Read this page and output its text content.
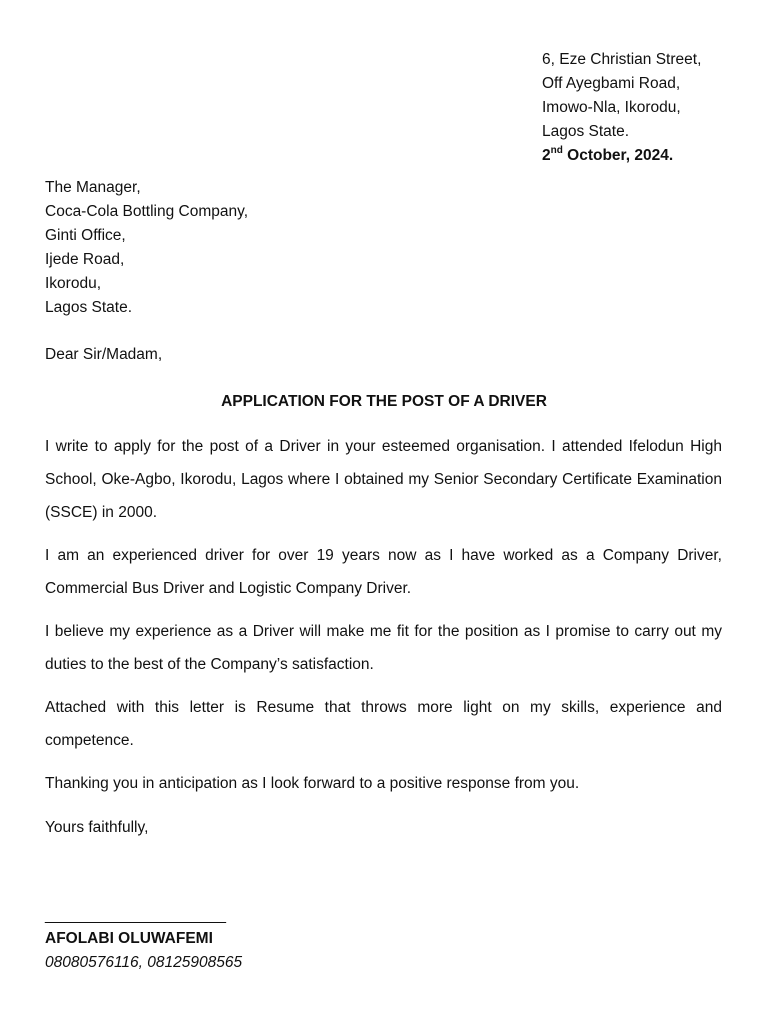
6, Eze Christian Street,
Off Ayegbami Road,
Imowo-Nla, Ikorodu,
Lagos State.
2nd October, 2024.
The Manager,
Coca-Cola Bottling Company,
Ginti Office,
Ijede Road,
Ikorodu,
Lagos State.
Dear Sir/Madam,
APPLICATION FOR THE POST OF A DRIVER

I write to apply for the post of a Driver in your esteemed organisation. I attended Ifelodun High School, Oke-Agbo, Ikorodu, Lagos where I obtained my Senior Secondary Certificate Examination (SSCE) in 2000.

I am an experienced driver for over 19 years now as I have worked as a Company Driver, Commercial Bus Driver and Logistic Company Driver.

I believe my experience as a Driver will make me fit for the position as I promise to carry out my duties to the best of the Company’s satisfaction.

Attached with this letter is Resume that throws more light on my skills, experience and competence.

Thanking you in anticipation as I look forward to a positive response from you.

Yours faithfully,
_____________________
AFOLABI OLUWAFEMI
08080576116, 08125908565
